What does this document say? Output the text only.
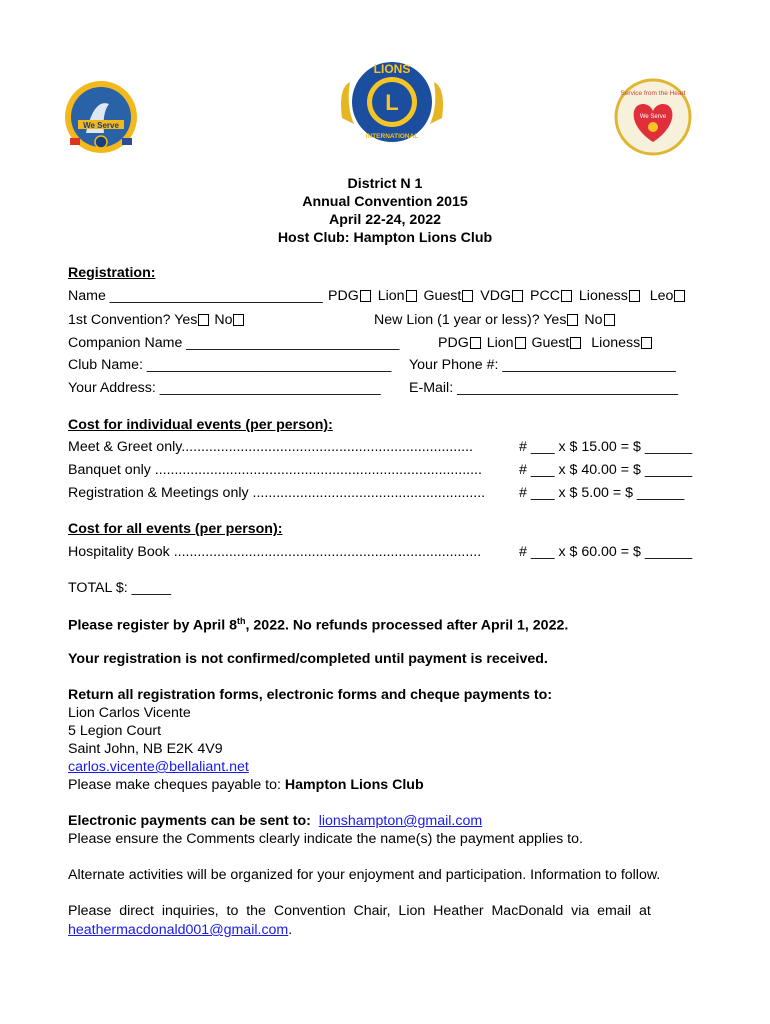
We Serve
L
LIONS
INTERNATIONAL
Service from the Heart
We Serve
District N 1
Annual Convention 2015
April 22-24, 2022
Host Club: Hampton Lions Club
Registration:
Name ___________________________ PDG Lion Guest VDG PCC Lioness Leo
1st Convention? Yes No	New Lion (1 year or less)? Yes No
Companion Name ___________________________	PDG Lion Guest Lioness
Club Name: _______________________________ Your Phone #: ______________________
Your Address: ____________________________ E-Mail: ____________________________
Cost for individual events (per person):
Meet & Greet only..........................................................................	# ___ x $ 15.00 = $ ______
Banquet only ...................................................................................	# ___ x $ 40.00 = $ ______
Registration & Meetings only ...........................................................	# ___ x $ 5.00 = $ ______
Cost for all events (per person):
Hospitality Book ..............................................................................	# ___ x $ 60.00 = $ ______
TOTAL $: _____
Please register by April 8th, 2022. No refunds processed after April 1, 2022.
Your registration is not confirmed/completed until payment is received.
Return all registration forms, electronic forms and cheque payments to:
Lion Carlos Vicente
5 Legion Court
Saint John, NB E2K 4V9
carlos.vicente@bellaliant.net
Please make cheques payable to: Hampton Lions Club
Electronic payments can be sent to:  lionshampton@gmail.com
Please ensure the Comments clearly indicate the name(s) the payment applies to.
Alternate activities will be organized for your enjoyment and participation. Information to follow.
Please  direct  inquiries,  to  the  Convention  Chair,  Lion  Heather  MacDonald  via  email  at
heathermacdonald001@gmail.com.
